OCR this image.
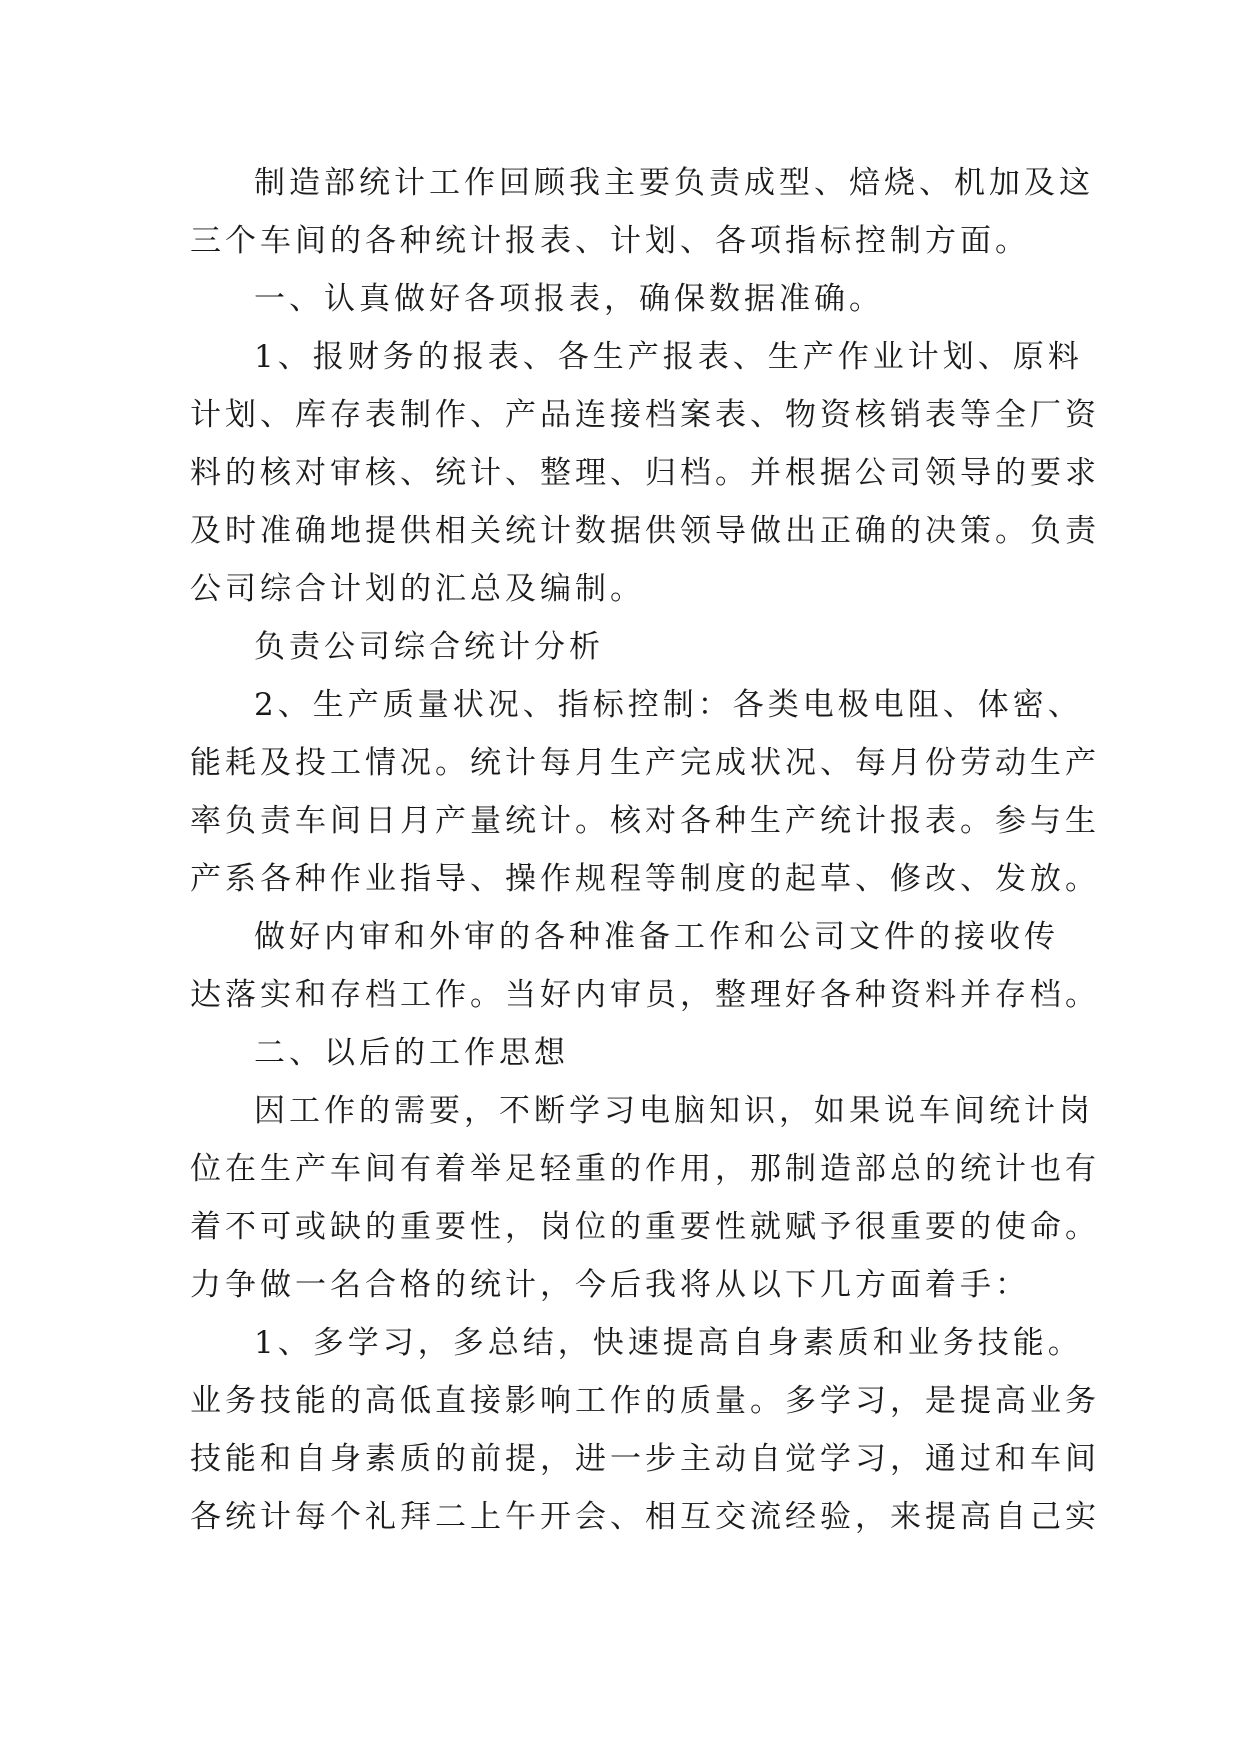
制造部统计工作回顾我主要负责成型、焙烧、机加及这
三个车间的各种统计报表、计划、各项指标控制方面。
一、认真做好各项报表，确保数据准确。
1、报财务的报表、各生产报表、生产作业计划、原料
计划、库存表制作、产品连接档案表、物资核销表等全厂资
料的核对审核、统计、整理、归档。并根据公司领导的要求
及时准确地提供相关统计数据供领导做出正确的决策。负责
公司综合计划的汇总及编制。
负责公司综合统计分析
2、生产质量状况、指标控制：各类电极电阻、体密、
能耗及投工情况。统计每月生产完成状况、每月份劳动生产
率负责车间日月产量统计。核对各种生产统计报表。参与生
产系各种作业指导、操作规程等制度的起草、修改、发放。
做好内审和外审的各种准备工作和公司文件的接收传
达落实和存档工作。当好内审员，整理好各种资料并存档。
二、以后的工作思想
因工作的需要，不断学习电脑知识，如果说车间统计岗
位在生产车间有着举足轻重的作用，那制造部总的统计也有
着不可或缺的重要性，岗位的重要性就赋予很重要的使命。
力争做一名合格的统计，今后我将从以下几方面着手：
1、多学习，多总结，快速提高自身素质和业务技能。
业务技能的高低直接影响工作的质量。多学习，是提高业务
技能和自身素质的前提，进一步主动自觉学习，通过和车间
各统计每个礼拜二上午开会、相互交流经验，来提高自己实
